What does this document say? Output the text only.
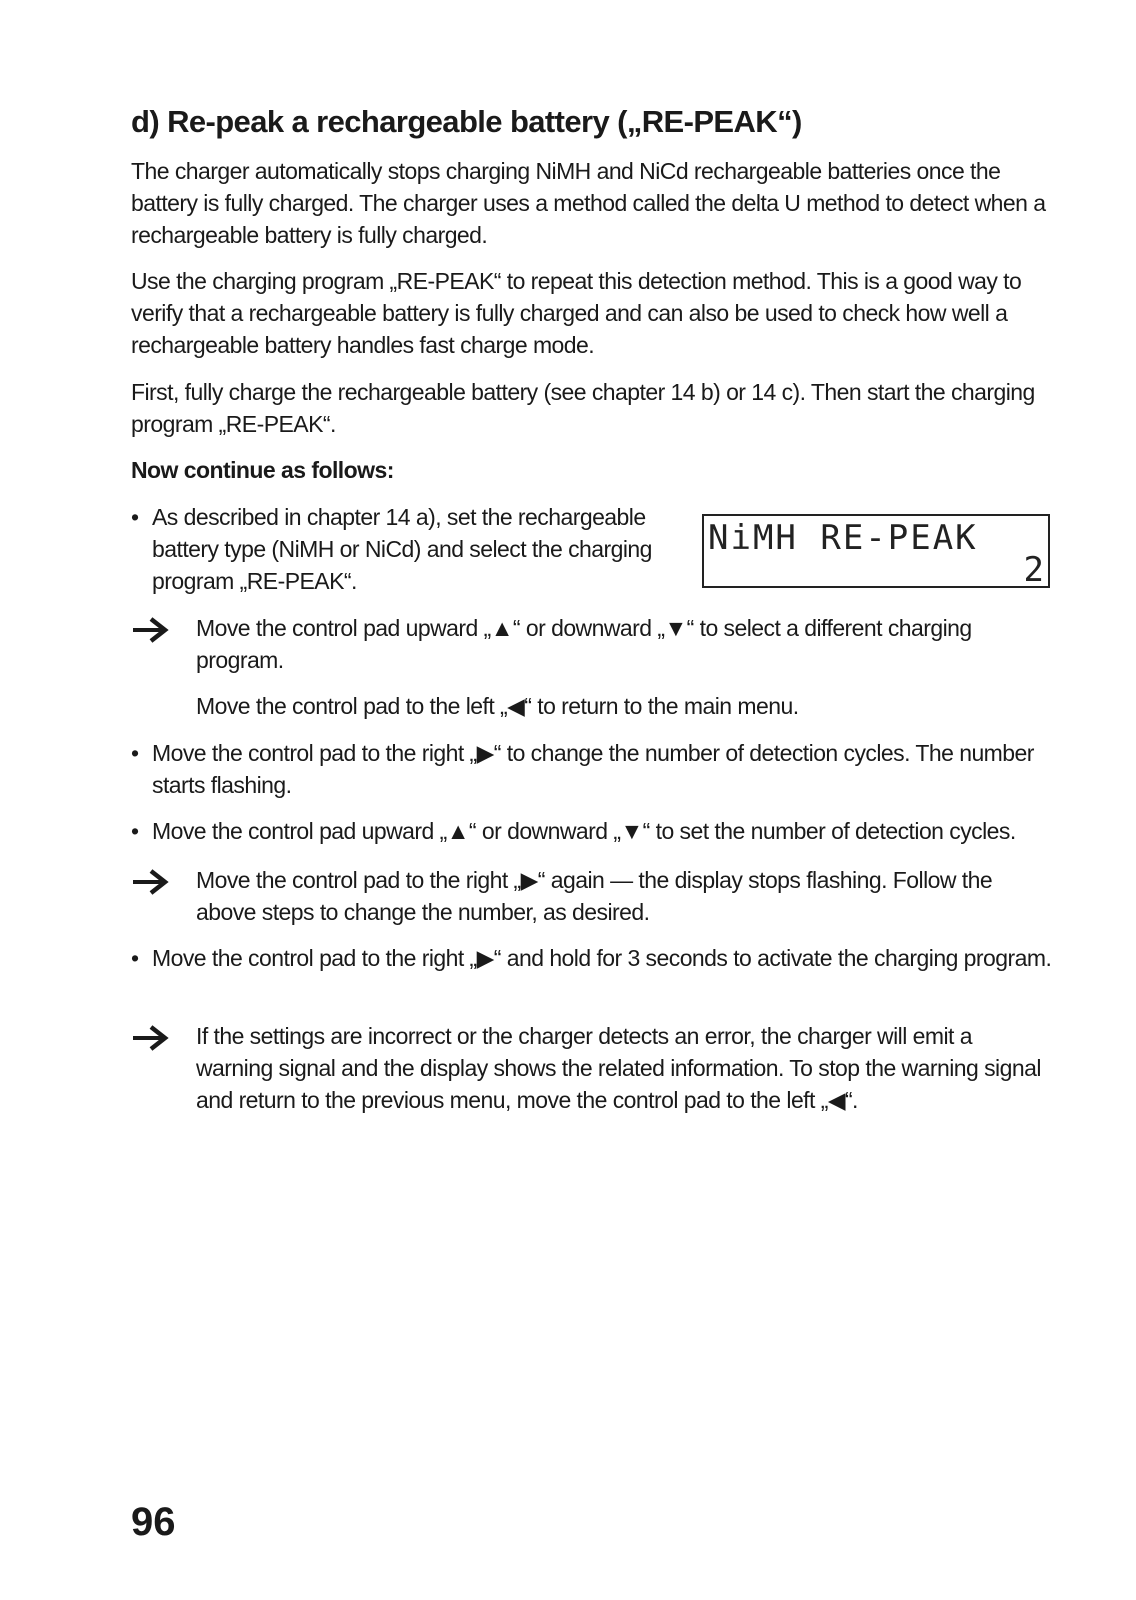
d) Re-peak a rechargeable battery („RE-PEAK“)

The charger automatically stops charging NiMH and NiCd rechargeable batteries once the battery is fully charged. The charger uses a method called the delta U method to detect when a rechargeable battery is fully charged.

Use the charging program „RE-PEAK“ to repeat this detection method. This is a good way to verify that a rechargeable battery is fully charged and can also be used to check how well a rechargeable battery handles fast charge mode.

First, fully charge the rechargeable battery (see chapter 14 b) or 14 c). Then start the charging program „RE-PEAK“.

Now continue as follows:

• As described in chapter 14 a), set the rechargeable battery type (NiMH or NiCd) and select the charging program „RE-PEAK“.
NiMH RE-PEAK
2
Move the control pad upward „▲“ or downward „▼“ to select a different charging program.

Move the control pad to the left „◀“ to return to the main menu.

• Move the control pad to the right „▶“ to change the number of detection cycles. The number starts flashing.
• Move the control pad upward „▲“ or downward „▼“ to set the number of detection cycles.
Move the control pad to the right „▶“ again — the display stops flashing. Follow the above steps to change the number, as desired.
• Move the control pad to the right „▶“ and hold for 3 seconds to activate the charging program.
If the settings are incorrect or the charger detects an error, the charger will emit a warning signal and the display shows the related information. To stop the warning signal and return to the previous menu, move the control pad to the left „◀“.
96
